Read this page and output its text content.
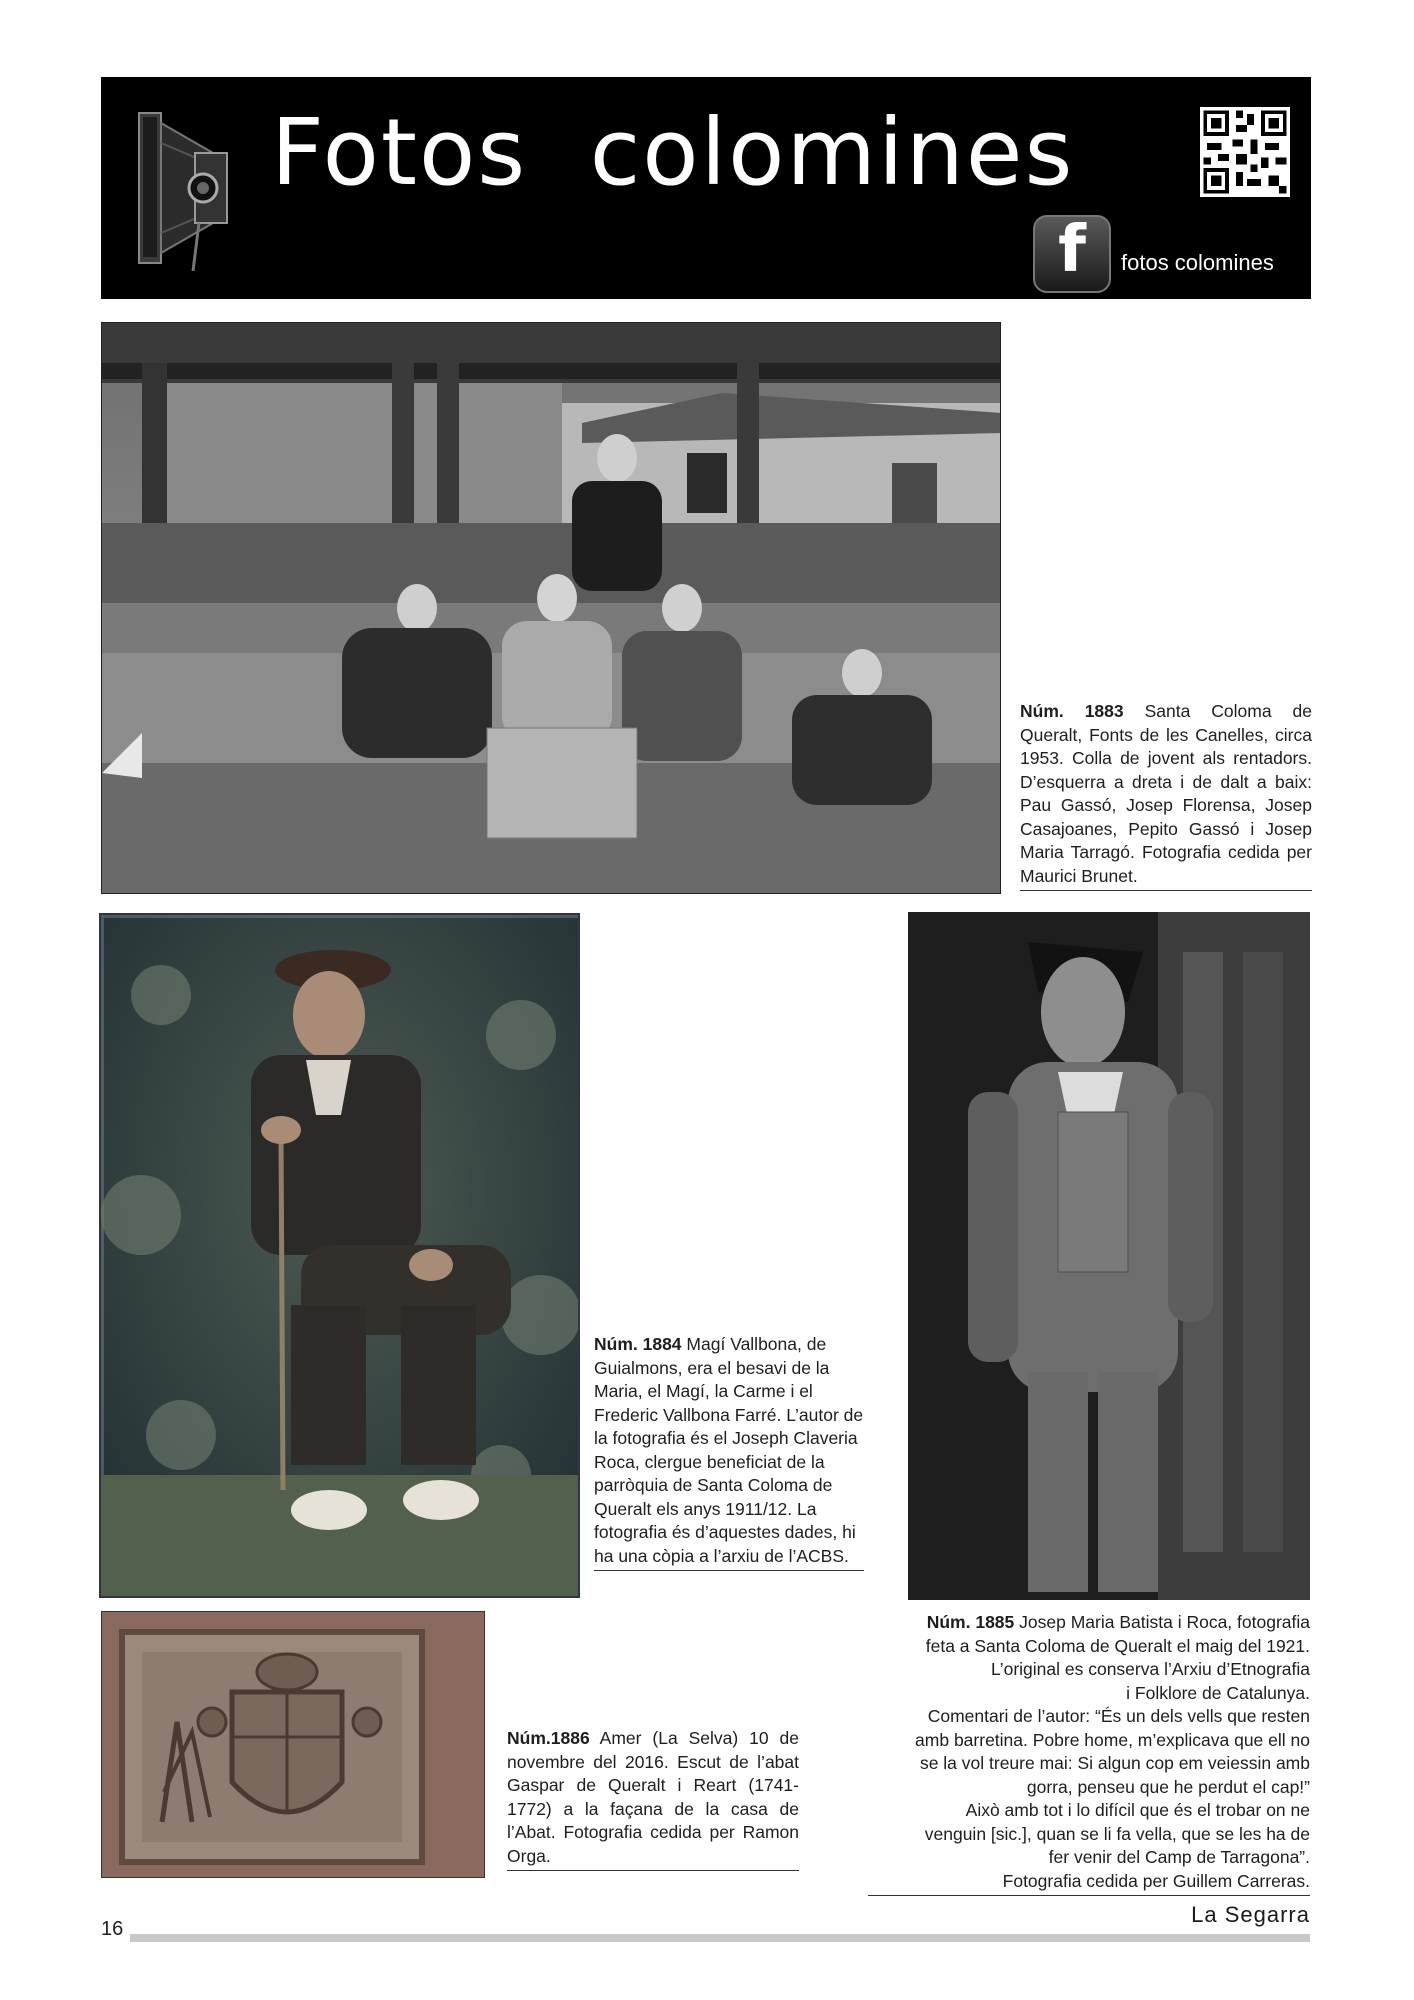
Fotos  colomines
f	fotos colomines
Núm. 1883 Santa Coloma de Queralt, Fonts de les Canelles, circa 1953. Colla de jovent als rentadors. D’esquerra a dreta i de dalt a baix: Pau Gassó, Josep Florensa, Josep Casajoanes, Pepito Gassó i Josep Maria Tarragó. Fotografia cedida per Maurici Brunet.
Núm. 1884 Magí Vallbona, de Guialmons, era el besavi de la Maria, el Magí, la Carme i el Frederic Vallbona Farré. L’autor de la fotografia és el Joseph Claveria Roca, clergue beneficiat de la parròquia de Santa Coloma de Queralt els anys 1911/12. La fotografia és d’aquestes dades, hi ha una còpia a l’arxiu de l’ACBS.
Núm. 1885 Josep Maria Batista i Roca, fotografia
feta a Santa Coloma de Queralt el maig del 1921.
L’original es conserva l’Arxiu d’Etnografia
i Folklore de Catalunya.
Comentari de l’autor: “És un dels vells que resten
amb barretina. Pobre home, m’explicava que ell no
se la vol treure mai: Si algun cop em veiessin amb
gorra, penseu que he perdut el cap!”
Això amb tot i lo difícil que és el trobar on ne
venguin [sic.], quan se li fa vella, que se les ha de
fer venir del Camp de Tarragona”.
Fotografia cedida per Guillem Carreras.
Núm.1886 Amer (La Selva) 10 de novembre del 2016. Escut de l’abat Gaspar de Queralt i Reart (1741-1772) a la façana de la casa de l’Abat. Fotografia cedida per Ramon Orga.
16
La Segarra
